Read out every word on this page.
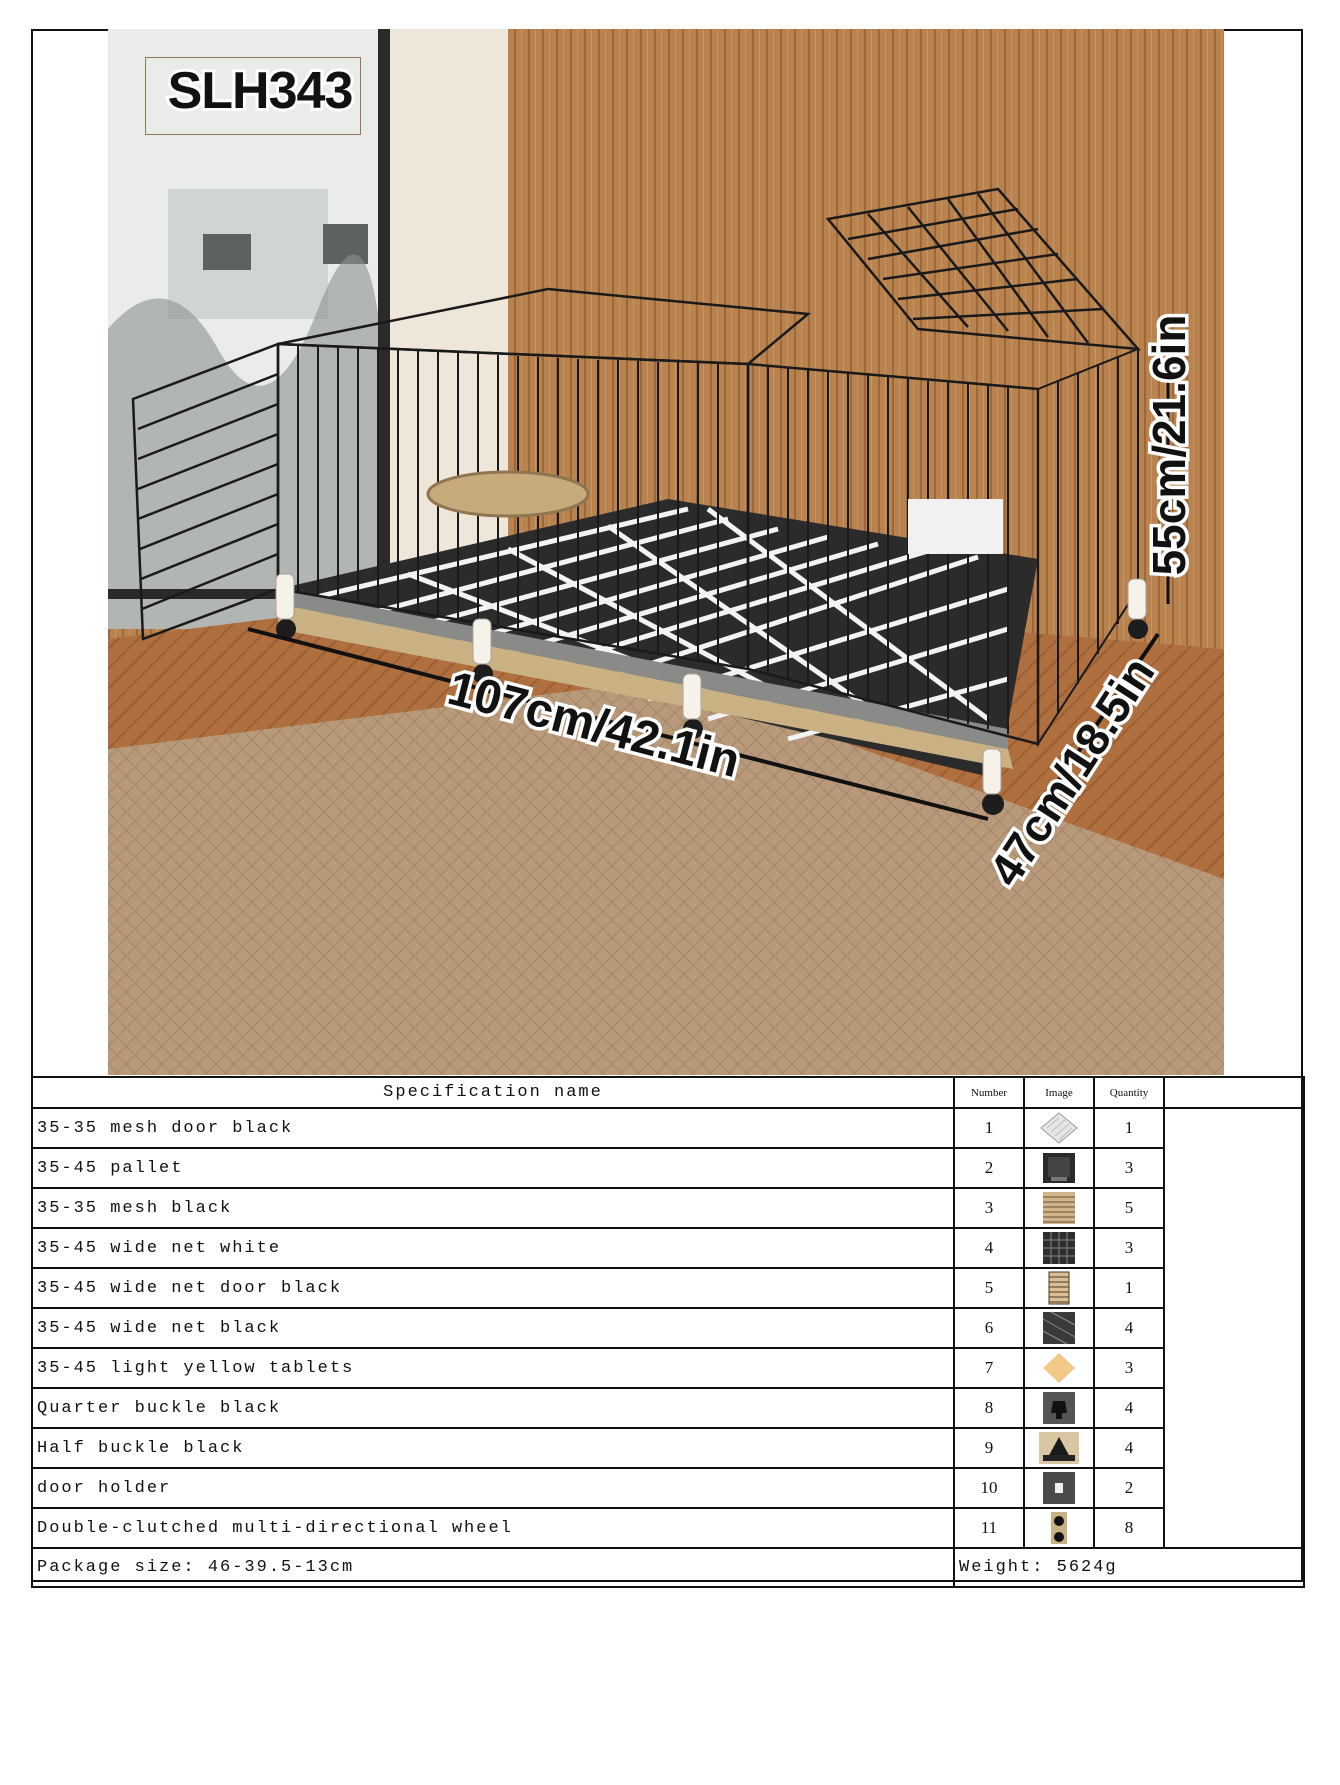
SLH343
107cm/42.1in	47cm/18.5in
55cm/21.6in
Specification name	Number	Image	Quantity	
35-35 mesh door black	1		1	
35-45 pallet	2		3	
35-35 mesh black	3		5	
35-45 wide net white	4		3	
35-45 wide net door black	5		1	
35-45 wide net black	6		4	
35-45 light yellow tablets	7		3	
Quarter buckle black	8		4	
Half buckle black	9		4	
door holder	10		2	
Double-clutched multi-directional wheel	11		8	
Package size: 46-39.5-13cm	Weight: 5624g			
